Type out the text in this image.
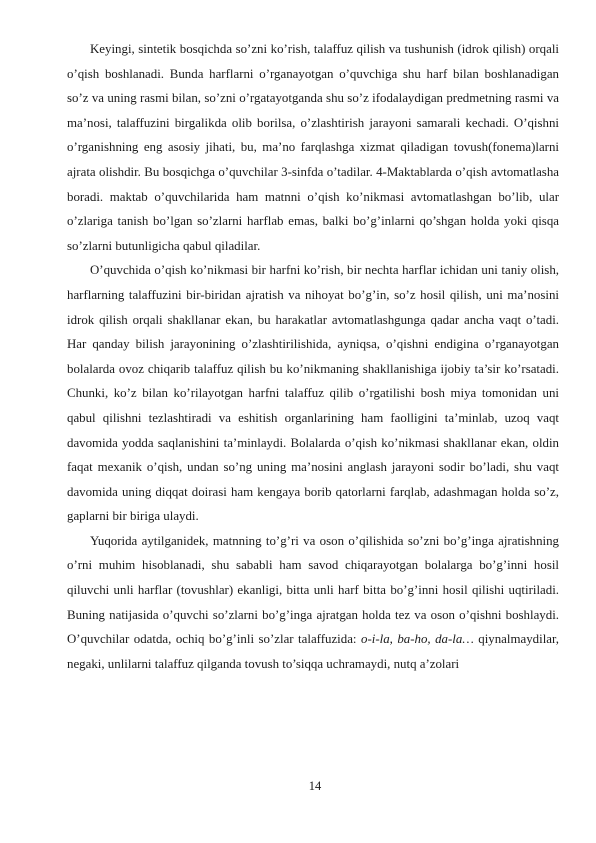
Keyingi, sintetik bosqichda so’zni ko’rish, talaffuz qilish va tushunish (idrok qilish) orqali o’qish boshlanadi. Bunda harflarni o’rganayotgan o’quvchiga shu harf bilan boshlanadigan so’z va uning rasmi bilan, so’zni o’rgatayotganda shu so’z ifodalaydigan predmetning rasmi va ma’nosi, talaffuzini birgalikda olib borilsa, o’zlashtirish jarayoni samarali kechadi. O’qishni o’rganishning eng asosiy jihati, bu, ma’no farqlashga xizmat qiladigan tovush(fonema)larni ajrata olishdir. Bu bosqichga o’quvchilar 3-sinfda o’tadilar. 4-Maktablarda o’qish avtomatlasha boradi. maktab o’quvchilarida ham matnni o’qish ko’nikmasi avtomatlashgan bo’lib, ular o’zlariga tanish bo’lgan so’zlarni harflab emas, balki bo’g’inlarni qo’shgan holda yoki qisqa so’zlarni butunligicha qabul qiladilar.

O’quvchida o’qish ko’nikmasi bir harfni ko’rish, bir nechta harflar ichidan uni taniy olish, harflarning talaffuzini bir-biridan ajratish va nihoyat bo’g’in, so’z hosil qilish, uni ma’nosini idrok qilish orqali shakllanar ekan, bu harakatlar avtomatlashgunga qadar ancha vaqt o’tadi. Har qanday bilish jarayonining o’zlashtirilishida, ayniqsa, o’qishni endigina o’rganayotgan bolalarda ovoz chiqarib talaffuz qilish bu ko’nikmaning shakllanishiga ijobiy ta’sir ko’rsatadi. Chunki, ko’z bilan ko’rilayotgan harfni talaffuz qilib o’rgatilishi bosh miya tomonidan uni qabul qilishni tezlashtiradi va eshitish organlarining ham faolligini ta’minlab, uzoq vaqt davomida yodda saqlanishini ta’minlaydi. Bolalarda o’qish ko’nikmasi shakllanar ekan, oldin faqat mexanik o’qish, undan so’ng uning ma’nosini anglash jarayoni sodir bo’ladi, shu vaqt davomida uning diqqat doirasi ham kengaya borib qatorlarni farqlab, adashmagan holda so’z, gaplarni bir biriga ulaydi.

Yuqorida aytilganidek, matnning to’g’ri va oson o’qilishida so’zni bo’g’inga ajratishning o’rni muhim hisoblanadi, shu sababli ham savod chiqarayotgan bolalarga bo’g’inni hosil qiluvchi unli harflar (tovushlar) ekanligi, bitta unli harf bitta bo’g’inni hosil qilishi uqtiriladi. Buning natijasida o’quvchi so’zlarni bo’g’inga ajratgan holda tez va oson o’qishni boshlaydi. O’quvchilar odatda, ochiq bo’g’inli so’zlar talaffuzida: o-i-la, ba-ho, da-la… qiynalmaydilar, negaki, unlilarni talaffuz qilganda tovush to’siqqa uchramaydi, nutq a’zolari

14
